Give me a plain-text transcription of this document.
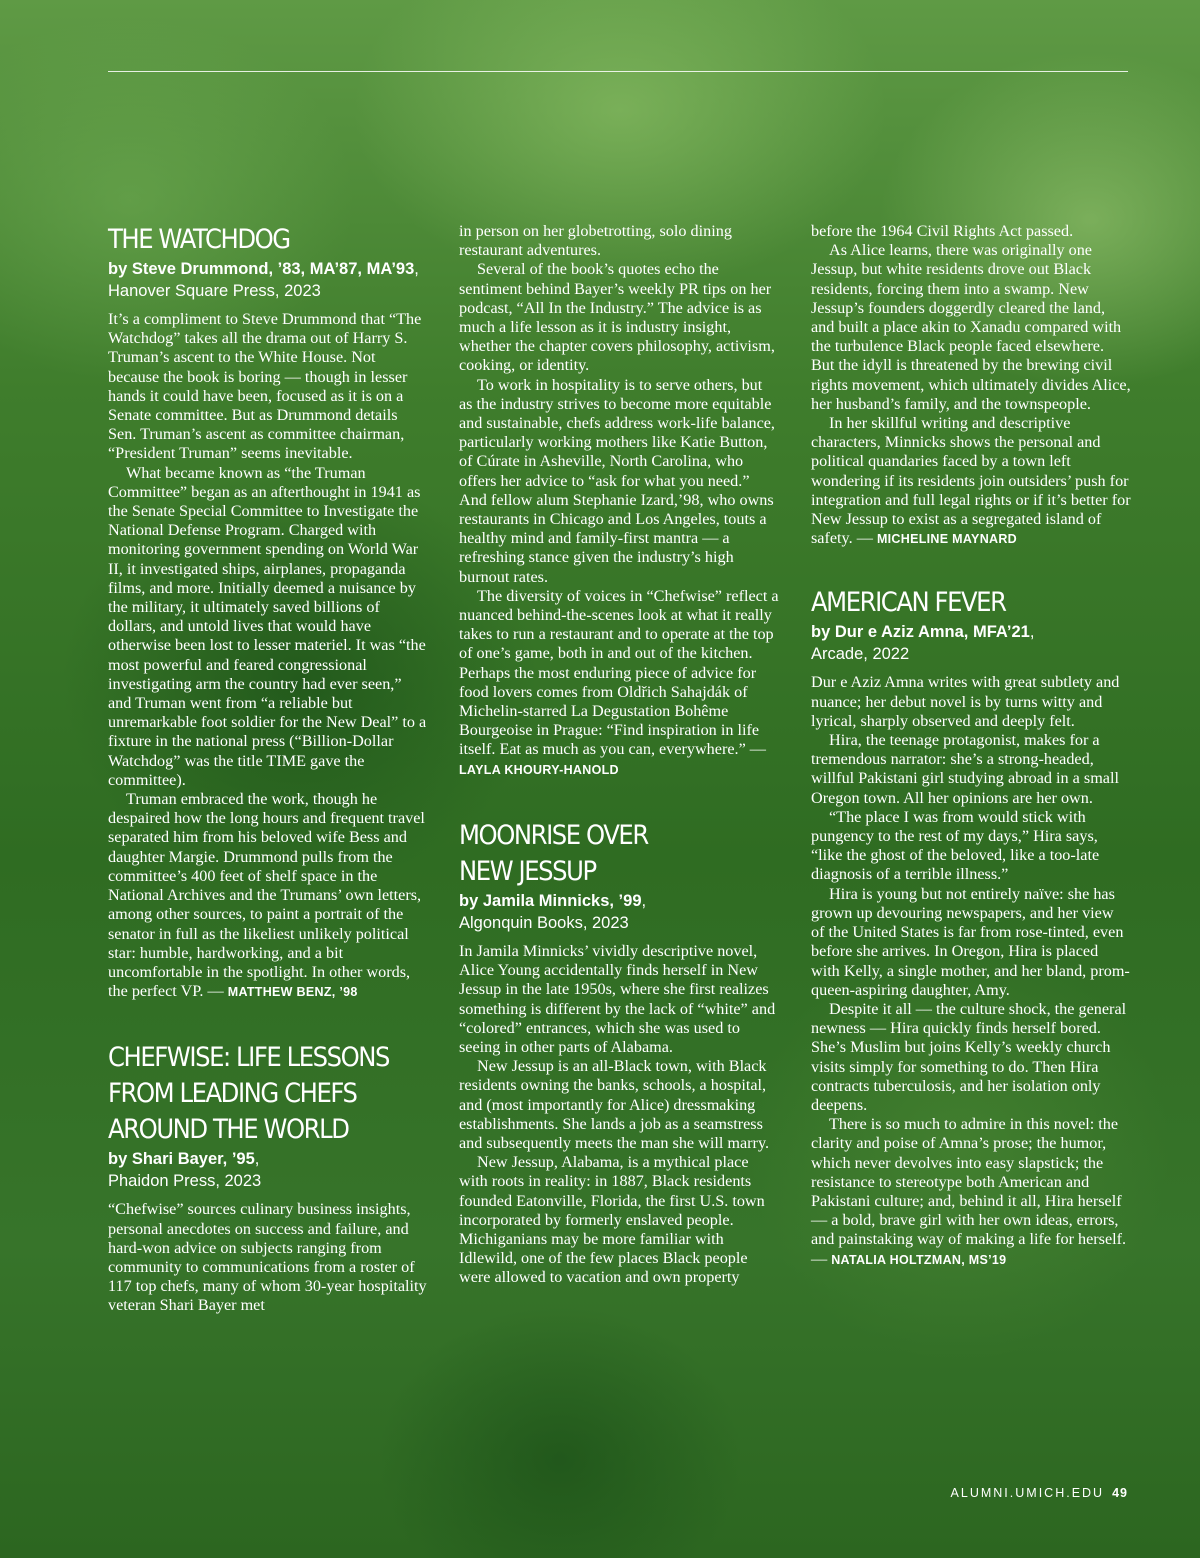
THE WATCHDOG

by Steve Drummond, ’83, MA’87, MA’93, Hanover Square Press, 2023

It’s a compliment to Steve Drummond that “The Watchdog” takes all the drama out of Harry S. Truman’s ascent to the White House. Not because the book is boring — though in lesser hands it could have been, focused as it is on a Senate committee. But as Drummond details Sen. Truman’s ascent as committee chairman, “President Truman” seems inevitable.

What became known as “the Truman Committee” began as an afterthought in 1941 as the Senate Special Committee to Investigate the National Defense Program. Charged with monitoring government spending on World War II, it investigated ships, airplanes, propaganda films, and more. Initially deemed a nuisance by the military, it ultimately saved billions of dollars, and untold lives that would have otherwise been lost to lesser materiel. It was “the most powerful and feared congressional investigating arm the country had ever seen,” and Truman went from “a reliable but unremarkable foot soldier for the New Deal” to a fixture in the national press (“Billion-Dollar Watchdog” was the title TIME gave the committee).

Truman embraced the work, though he despaired how the long hours and frequent travel separated him from his beloved wife Bess and daughter Margie. Drummond pulls from the committee’s 400 feet of shelf space in the National Archives and the Trumans’ own letters, among other sources, to paint a portrait of the senator in full as the likeliest unlikely political star: humble, hardworking, and a bit uncomfortable in the spotlight. In other words, the perfect VP. — MATTHEW BENZ, ’98

CHEFWISE: LIFE LESSONS
FROM LEADING CHEFS
AROUND THE WORLD

by Shari Bayer, ’95,
Phaidon Press, 2023

“Chefwise” sources culinary business insights, personal anecdotes on success and failure, and hard-won advice on subjects ranging from community to communications from a roster of 117 top chefs, many of whom 30-year hospitality veteran Shari Bayer met

in person on her globetrotting, solo dining restaurant adventures.

Several of the book’s quotes echo the sentiment behind Bayer’s weekly PR tips on her podcast, “All In the Industry.” The advice is as much a life lesson as it is industry insight, whether the chapter covers philosophy, activism, cooking, or identity.

To work in hospitality is to serve others, but as the industry strives to become more equitable and sustainable, chefs address work-life balance, particularly working mothers like Katie Button, of Cúrate in Asheville, North Carolina, who offers her advice to “ask for what you need.” And fellow alum Stephanie Izard,’98, who owns restaurants in Chicago and Los Angeles, touts a healthy mind and family-first mantra — a refreshing stance given the industry’s high burnout rates.

The diversity of voices in “Chefwise” reflect a nuanced behind-the-scenes look at what it really takes to run a restaurant and to operate at the top of one’s game, both in and out of the kitchen. Perhaps the most enduring piece of advice for food lovers comes from Oldřich Sahajdák of Michelin-starred La Degustation Bohême Bourgeoise in Prague: “Find inspiration in life itself. Eat as much as you can, everywhere.” — LAYLA KHOURY-HANOLD

MOONRISE OVER
NEW JESSUP

by Jamila Minnicks, ’99,
Algonquin Books, 2023

In Jamila Minnicks’ vividly descriptive novel, Alice Young accidentally finds herself in New Jessup in the late 1950s, where she first realizes something is different by the lack of “white” and “colored” entrances, which she was used to seeing in other parts of Alabama.

New Jessup is an all-Black town, with Black residents owning the banks, schools, a hospital, and (most importantly for Alice) dressmaking establishments. She lands a job as a seamstress and subsequently meets the man she will marry.

New Jessup, Alabama, is a mythical place with roots in reality: in 1887, Black residents founded Eatonville, Florida, the first U.S. town incorporated by formerly enslaved people. Michiganians may be more familiar with Idlewild, one of the few places Black people were allowed to vacation and own property

before the 1964 Civil Rights Act passed.

As Alice learns, there was originally one Jessup, but white residents drove out Black residents, forcing them into a swamp. New Jessup’s founders doggerdly cleared the land, and built a place akin to Xanadu compared with the turbulence Black people faced elsewhere. But the idyll is threatened by the brewing civil rights movement, which ultimately divides Alice, her husband’s family, and the townspeople.

In her skillful writing and descriptive characters, Minnicks shows the personal and political quandaries faced by a town left wondering if its residents join outsiders’ push for integration and full legal rights or if it’s better for New Jessup to exist as a segregated island of safety. — MICHELINE MAYNARD

AMERICAN FEVER

by Dur e Aziz Amna, MFA’21,
Arcade, 2022

Dur e Aziz Amna writes with great subtlety and nuance; her debut novel is by turns witty and lyrical, sharply observed and deeply felt.

Hira, the teenage protagonist, makes for a tremendous narrator: she’s a strong-headed, willful Pakistani girl studying abroad in a small Oregon town. All her opinions are her own.

“The place I was from would stick with pungency to the rest of my days,” Hira says, “like the ghost of the beloved, like a too-late diagnosis of a terrible illness.”

Hira is young but not entirely naïve: she has grown up devouring newspapers, and her view of the United States is far from rose-tinted, even before she arrives. In Oregon, Hira is placed with Kelly, a single mother, and her bland, prom-queen-aspiring daughter, Amy.

Despite it all — the culture shock, the general newness — Hira quickly finds herself bored. She’s Muslim but joins Kelly’s weekly church visits simply for something to do. Then Hira contracts tuberculosis, and her isolation only deepens.

There is so much to admire in this novel: the clarity and poise of Amna’s prose; the humor, which never devolves into easy slapstick; the resistance to stereotype both American and Pakistani culture; and, behind it all, Hira herself — a bold, brave girl with her own ideas, errors, and painstaking way of making a life for herself. — NATALIA HOLTZMAN, MS’19

ALUMNI.UMICH.EDU 49
